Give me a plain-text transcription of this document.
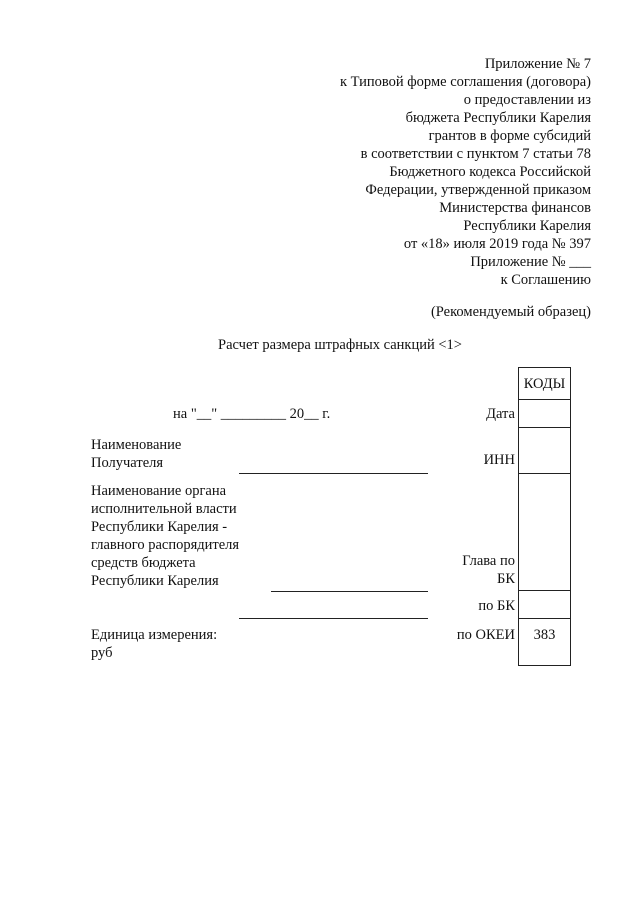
Приложение № 7
к Типовой форме соглашения (договора)
о предоставлении из
бюджета Республики Карелия
грантов в форме субсидий
в соответствии с пунктом 7 статьи 78
Бюджетного кодекса Российской
Федерации, утвержденной приказом
Министерства финансов
Республики Карелия
от «18» июля 2019 года № 397
Приложение № ___
к Соглашению
(Рекомендуемый образец)
Расчет размера штрафных санкций <1>
на "__" _________ 20__ г.
Наименование
Получателя
Наименование органа
исполнительной власти
Республики Карелия -
главного распорядителя
средств бюджета
Республики Карелия
Единица измерения:
руб
Дата
ИНН
Глава по
БК
по БК
по ОКЕИ
КОДЫ
383
